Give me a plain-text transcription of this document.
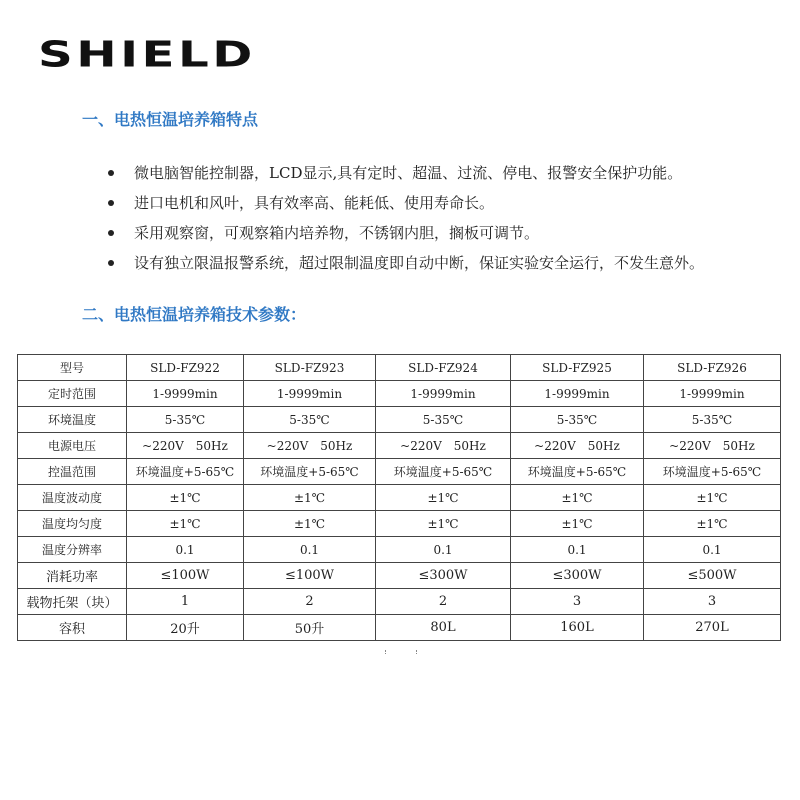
SHIELD
一、电热恒温培养箱特点
微电脑智能控制器，LCD显示,具有定时、超温、过流、停电、报警安全保护功能。
进口电机和风叶，具有效率高、能耗低、使用寿命长。
采用观察窗，可观察箱内培养物，不锈钢内胆，搁板可调节。
设有独立限温报警系统，超过限制温度即自动中断，保证实验安全运行，不发生意外。
二、电热恒温培养箱技术参数：
型号	SLD-FZ922	SLD-FZ923	SLD-FZ924	SLD-FZ925	SLD-FZ926
定时范围	1-9999min	1-9999min	1-9999min	1-9999min	1-9999min
环境温度	5-35℃	5-35℃	5-35℃	5-35℃	5-35℃
电源电压	~220V　50Hz	~220V　50Hz	~220V　50Hz	~220V　50Hz	~220V　50Hz
控温范围	环境温度+5-65℃	环境温度+5-65℃	环境温度+5-65℃	环境温度+5-65℃	环境温度+5-65℃
温度波动度	±1℃	±1℃	±1℃	±1℃	±1℃
温度均匀度	±1℃	±1℃	±1℃	±1℃	±1℃
温度分辨率	0.1	0.1	0.1	0.1	0.1
消耗功率	≤100W	≤100W	≤300W	≤300W	≤500W
载物托架（块）	1	2	2	3	3
容积	20升	50升	80L	160L	270L
